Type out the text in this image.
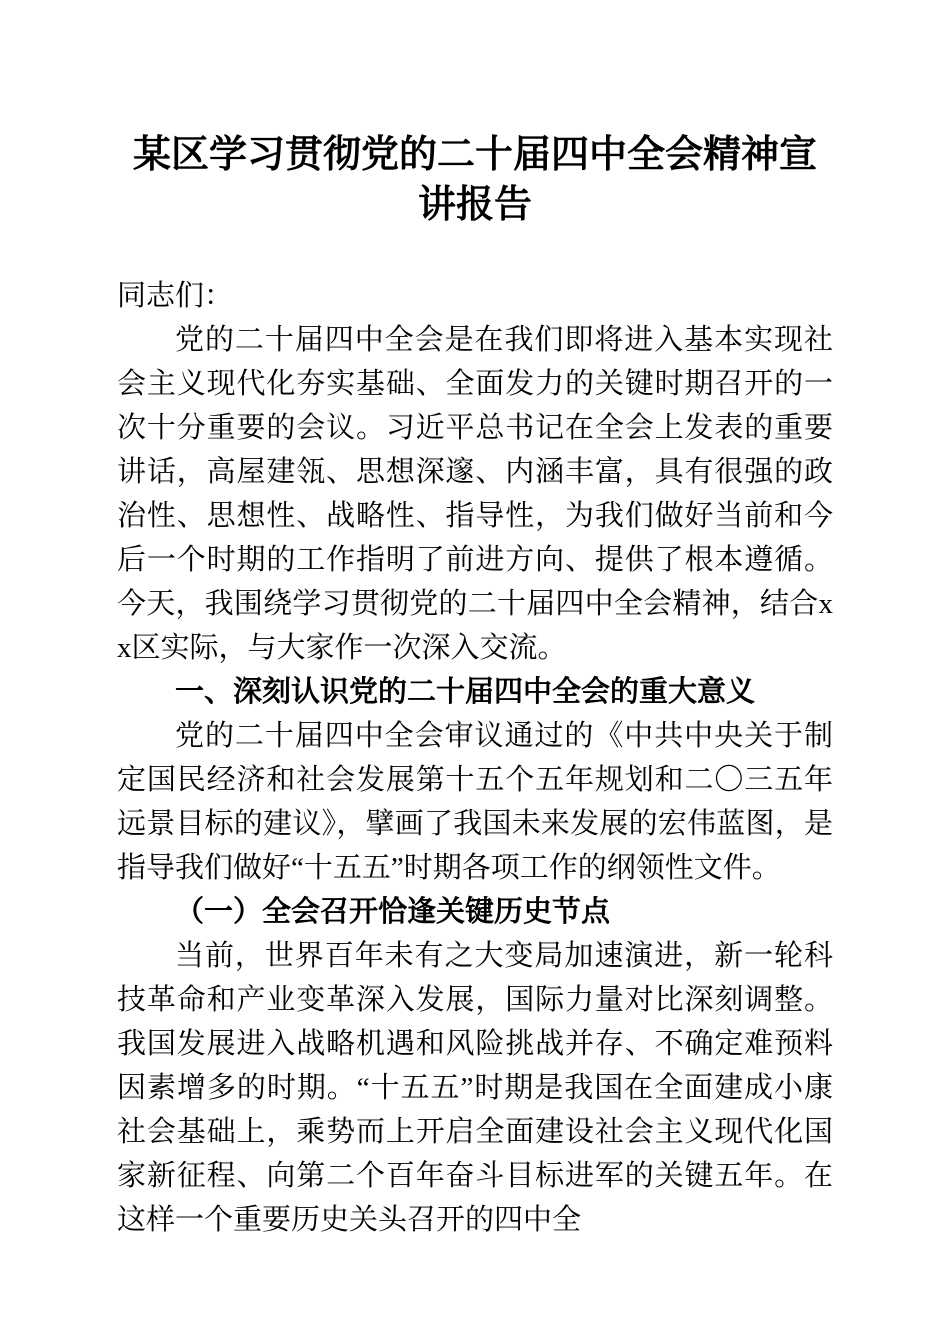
某区学习贯彻党的二十届四中全会精神宣讲报告

同志们：

党的二十届四中全会是在我们即将进入基本实现社会主义现代化夯实基础、全面发力的关键时期召开的一次十分重要的会议。习近平总书记在全会上发表的重要讲话，高屋建瓴、思想深邃、内涵丰富，具有很强的政治性、思想性、战略性、指导性，为我们做好当前和今后一个时期的工作指明了前进方向、提供了根本遵循。今天，我围绕学习贯彻党的二十届四中全会精神，结合xx区实际，与大家作一次深入交流。

一、深刻认识党的二十届四中全会的重大意义

党的二十届四中全会审议通过的《中共中央关于制定国民经济和社会发展第十五个五年规划和二〇三五年远景目标的建议》，擘画了我国未来发展的宏伟蓝图，是指导我们做好“十五五”时期各项工作的纲领性文件。

（一）全会召开恰逢关键历史节点

当前，世界百年未有之大变局加速演进，新一轮科技革命和产业变革深入发展，国际力量对比深刻调整。我国发展进入战略机遇和风险挑战并存、不确定难预料因素增多的时期。“十五五”时期是我国在全面建成小康社会基础上，乘势而上开启全面建设社会主义现代化国家新征程、向第二个百年奋斗目标进军的关键五年。在这样一个重要历史关头召开的四中全
